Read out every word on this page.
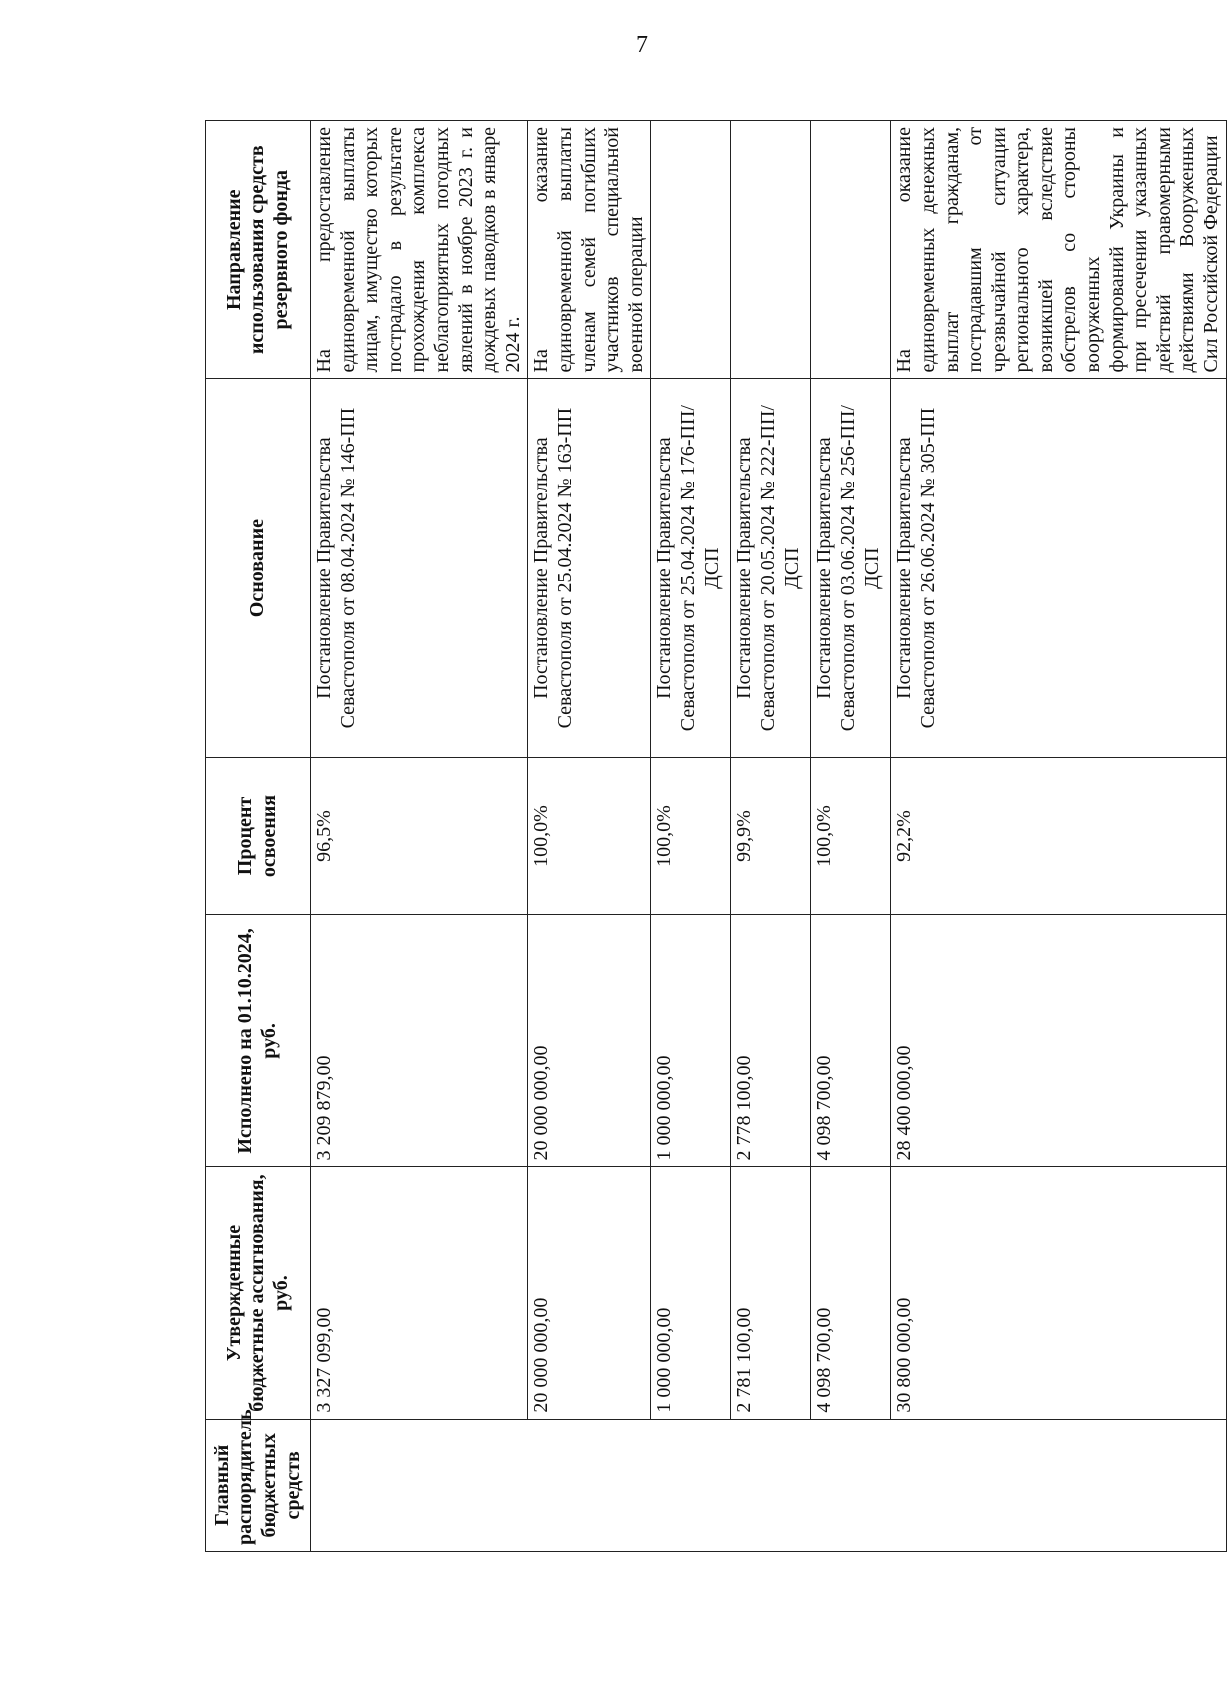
7
Главный распорядитель бюджетных средств	Утвержденные бюджетные ассигнования, руб.	Исполнено на 01.10.2024, руб.	Процент освоения	Основание	Направление использования средств резервного фонда
	3 327 099,00	3 209 879,00	96,5%	Постановление Правительства Севастополя от 08.04.2024 № 146-ПП	На предоставление единовременной выплаты лицам, имущество которых пострадало в результате прохождения комплекса неблагоприятных погодных явлений в ноябре 2023 г. и дождевых паводков в январе 2024 г.
	20 000 000,00	20 000 000,00	100,0%	Постановление Правительства Севастополя от 25.04.2024 № 163-ПП	На оказание единовременной выплаты членам семей погибших участников специальной военной операции
	1 000 000,00	1 000 000,00	100,0%	Постановление Правительства Севастополя от 25.04.2024 № 176-ПП/ДСП	
	2 781 100,00	2 778 100,00	99,9%	Постановление Правительства Севастополя от 20.05.2024 № 222-ПП/ДСП	
	4 098 700,00	4 098 700,00	100,0%	Постановление Правительства Севастополя от 03.06.2024 № 256-ПП/ДСП	
	30 800 000,00	28 400 000,00	92,2%	Постановление Правительства Севастополя от 26.06.2024 № 305-ПП	На оказание единовременных денежных выплат гражданам, пострадавшим от чрезвычайной ситуации регионального характера, возникшей вследствие обстрелов со стороны вооруженных формирований Украины и при пресечении указанных действий правомерными действиями Вооруженных Сил Российской Федерации
